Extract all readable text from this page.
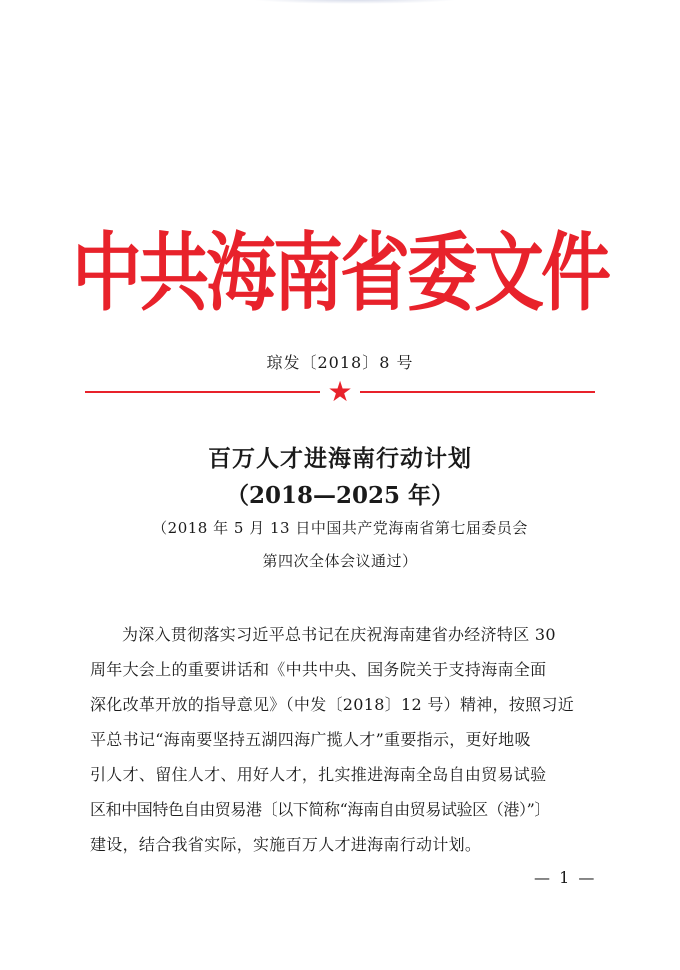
中共海南省委文件
琼发〔2018〕8 号
★
百万人才进海南行动计划
（2018—2025 年）
（2018 年 5 月 13 日中国共产党海南省第七届委员会
第四次全体会议通过）
为深入贯彻落实习近平总书记在庆祝海南建省办经济特区 30
周年大会上的重要讲话和《中共中央、国务院关于支持海南全面
深化改革开放的指导意见》（中发〔2018〕12 号）精神，按照习近
平总书记“海南要坚持五湖四海广揽人才”重要指示，更好地吸
引人才、留住人才、用好人才，扎实推进海南全岛自由贸易试验
区和中国特色自由贸易港〔以下简称“海南自由贸易试验区（港）”〕
建设，结合我省实际，实施百万人才进海南行动计划。
— 1 —
